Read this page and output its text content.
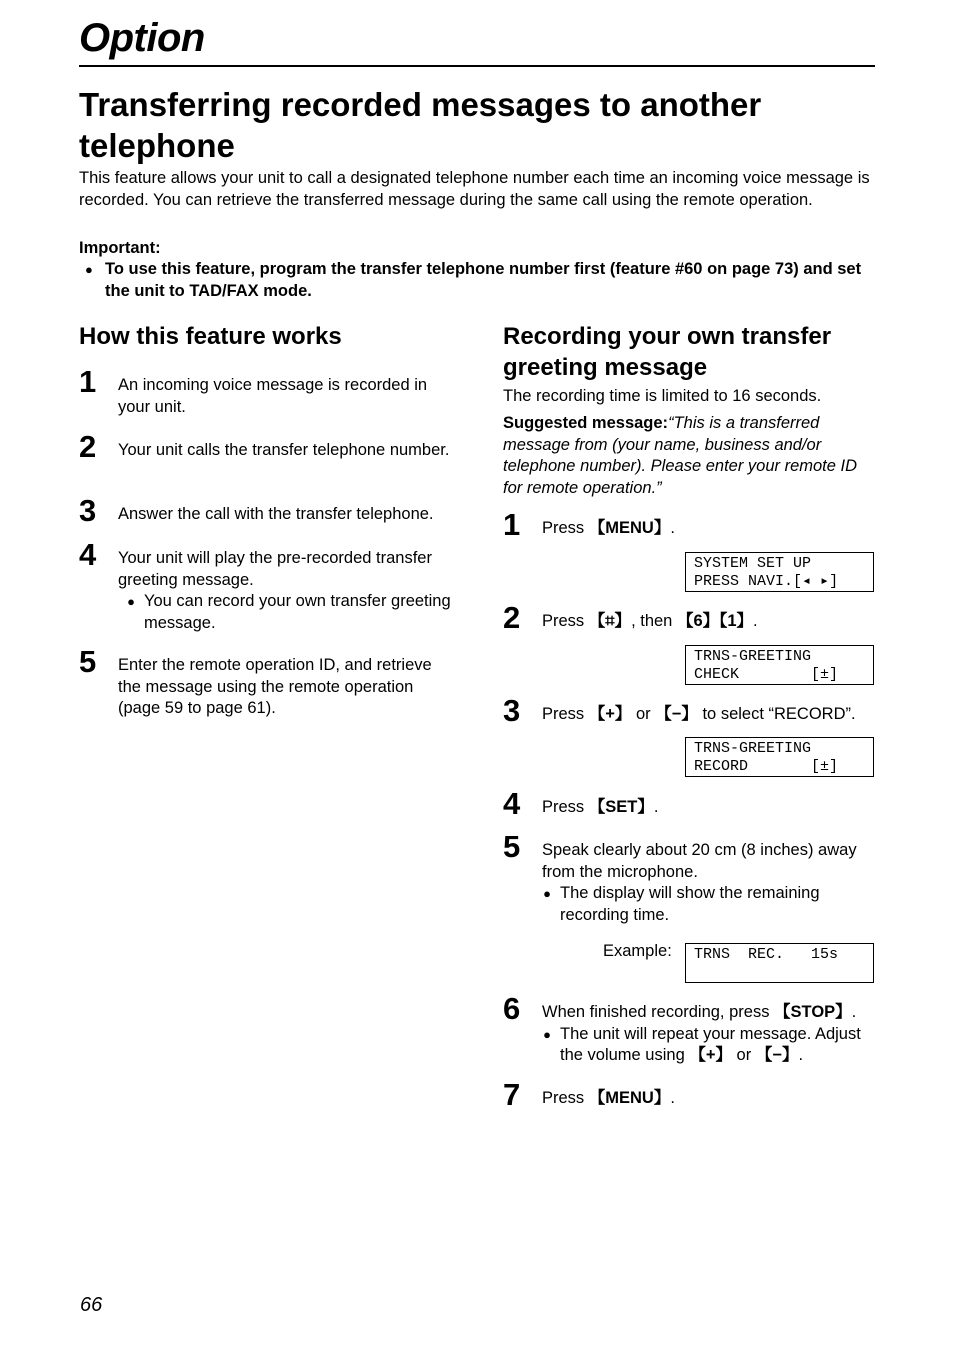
Option
Transferring recorded messages to another telephone
This feature allows your unit to call a designated telephone number each time an incoming voice message is recorded. You can retrieve the transferred message during the same call using the remote operation.
Important:
● To use this feature, program the transfer telephone number first (feature #60 on page 73) and set the unit to TAD/FAX mode.
How this feature works
1 An incoming voice message is recorded in your unit.
2 Your unit calls the transfer telephone number.
3 Answer the call with the transfer telephone.
4 Your unit will play the pre-recorded transfer greeting message.
● You can record your own transfer greeting message.
5 Enter the remote operation ID, and retrieve the message using the remote operation (page 59 to page 61).
Recording your own transfer greeting message
The recording time is limited to 16 seconds.
Suggested message:“This is a transferred message from (your name, business and/or telephone number). Please enter your remote ID for remote operation.”
1 Press 【MENU】.
SYSTEM SET UP
PRESS NAVI.[◂ ▸]
2 Press 【⌗】, then 【6】【1】.
TRNS-GREETING
CHECK        [±]
3 Press 【+】 or 【−】 to select “RECORD”.
TRNS-GREETING
RECORD       [±]
4 Press 【SET】.
5 Speak clearly about 20 cm (8 inches) away from the microphone.
● The display will show the remaining recording time.
Example: TRNS  REC.   15s
6 When finished recording, press 【STOP】.
● The unit will repeat your message. Adjust the volume using 【+】 or 【−】.
7 Press 【MENU】.
66
